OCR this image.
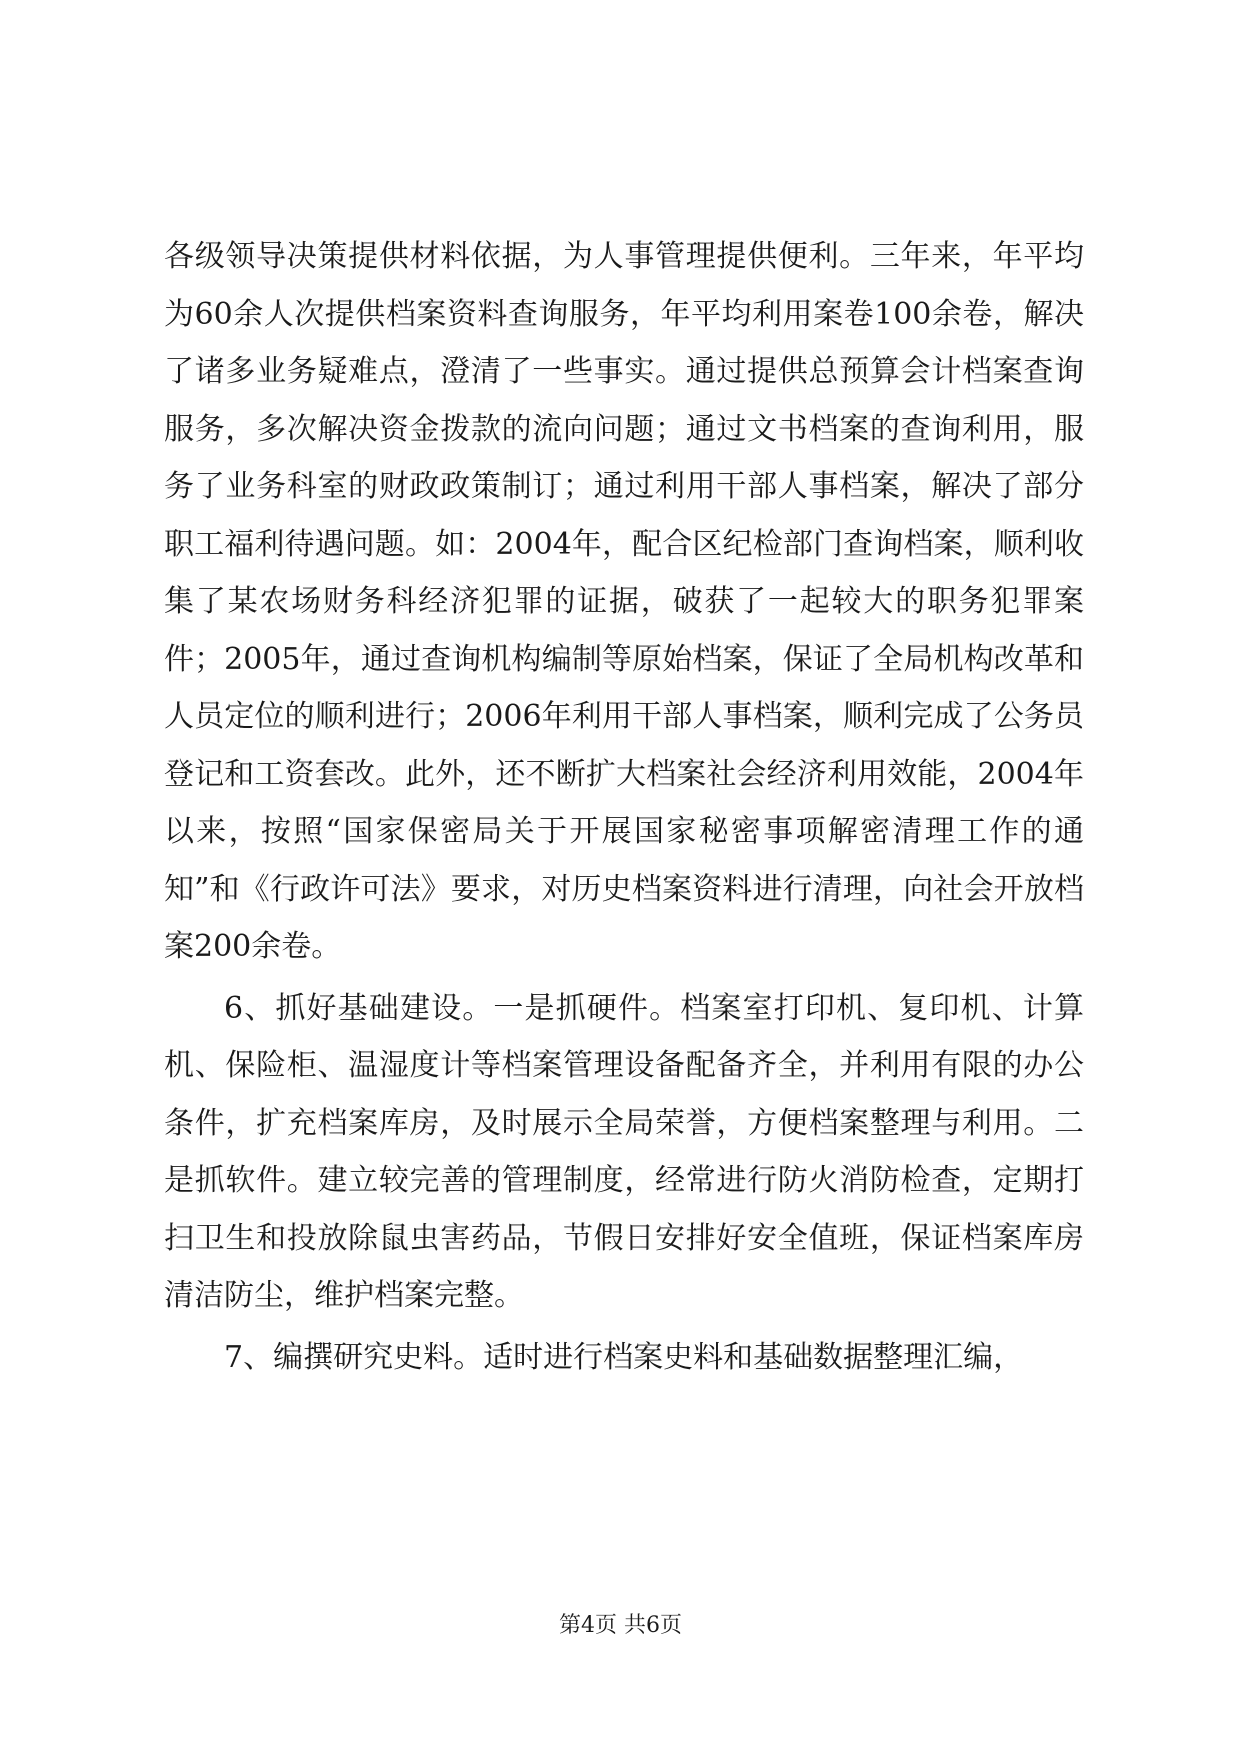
各级领导决策提供材料依据，为人事管理提供便利。三年来，年平均为60余人次提供档案资料查询服务，年平均利用案卷100余卷，解决了诸多业务疑难点，澄清了一些事实。通过提供总预算会计档案查询服务，多次解决资金拨款的流向问题；通过文书档案的查询利用，服务了业务科室的财政政策制订；通过利用干部人事档案，解决了部分职工福利待遇问题。如：2004年，配合区纪检部门查询档案，顺利收集了某农场财务科经济犯罪的证据，破获了一起较大的职务犯罪案件；2005年，通过查询机构编制等原始档案，保证了全局机构改革和人员定位的顺利进行；2006年利用干部人事档案，顺利完成了公务员登记和工资套改。此外，还不断扩大档案社会经济利用效能，2004年以来，按照“国家保密局关于开展国家秘密事项解密清理工作的通知”和《行政许可法》要求，对历史档案资料进行清理，向社会开放档案200余卷。

6、抓好基础建设。一是抓硬件。档案室打印机、复印机、计算机、保险柜、温湿度计等档案管理设备配备齐全，并利用有限的办公条件，扩充档案库房，及时展示全局荣誉，方便档案整理与利用。二是抓软件。建立较完善的管理制度，经常进行防火消防检查，定期打扫卫生和投放除鼠虫害药品，节假日安排好安全值班，保证档案库房清洁防尘，维护档案完整。

7、编撰研究史料。适时进行档案史料和基础数据整理汇编，

第4页 共6页
